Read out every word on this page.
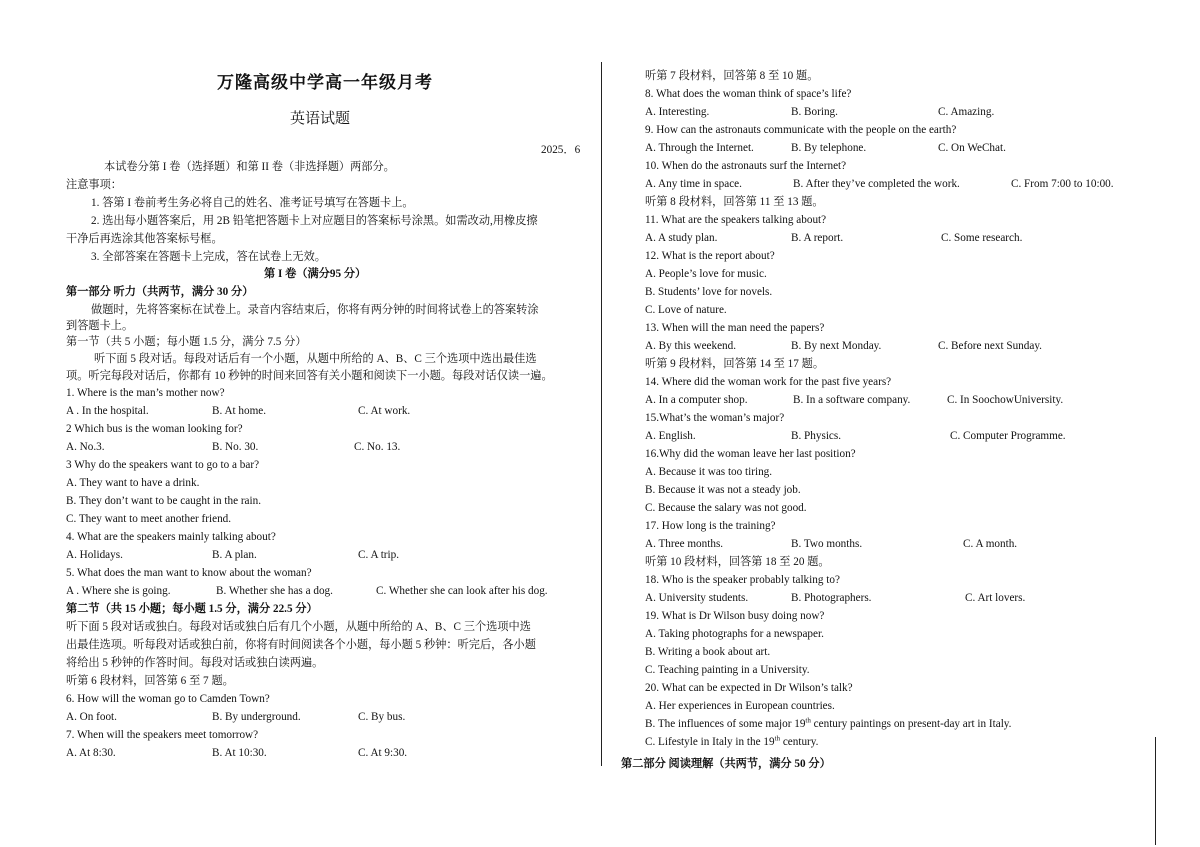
万隆高级中学高一年级月考
英语试题
2025．6
本试卷分第 I 卷（选择题）和第 II 卷（非选择题）两部分。
注意事项：
1. 答第 I 卷前考生务必将自己的姓名、准考证号填写在答题卡上。
2. 选出每小题答案后，用 2B 铅笔把答题卡上对应题目的答案标号涂黑。如需改动,用橡皮擦
干净后再选涂其他答案标号框。
3. 全部答案在答题卡上完成，答在试卷上无效。
第 I 卷（满分95 分）
第一部分 听力（共两节，满分 30 分）
做题时，先将答案标在试卷上。录音内容结束后，你将有两分钟的时间将试卷上的答案转涂
到答题卡上。
第一节（共 5 小题；每小题 1.5 分，满分 7.5 分）
听下面 5 段对话。每段对话后有一个小题，从题中所给的 A、B、C 三个选项中选出最佳选
项。听完每段对话后，你都有 10 秒钟的时间来回答有关小题和阅读下一小题。每段对话仅读一遍。
1. Where is the man’s mother now?
A . In the hospital.	B. At home.	C. At work.
2 Which bus is the woman looking for?
A. No.3.	B. No. 30.	C. No. 13.
3 Why do the speakers want to go to a bar?
A. They want to have a drink.
B. They don’t want to be caught in the rain.
C. They want to meet another friend.
4. What are the speakers mainly talking about?
A. Holidays.	B. A plan.	C. A trip.
5. What does the man want to know about the woman?
A . Where she is going.	B. Whether she has a dog.	C. Whether she can look after his dog.
第二节（共 15 小题；每小题 1.5 分，满分 22.5 分）
听下面 5 段对话或独白。每段对话或独白后有几个小题，从题中所给的 A、B、C 三个选项中选
出最佳选项。听每段对话或独白前，你将有时间阅读各个小题，每小题 5 秒钟：听完后，各小题
将给出 5 秒钟的作答时间。每段对话或独白读两遍。
听第 6 段材料，回答第 6 至 7 题。
6. How will the woman go to Camden Town?
A. On foot.	B. By underground.	C. By bus.
7. When will the speakers meet tomorrow?
A. At 8:30.	B. At 10:30.	C. At 9:30.
听第 7 段材料，回答第 8 至 10 题。
8. What does the woman think of space’s life?
A. Interesting.	B. Boring.	C. Amazing.
9. How can the astronauts communicate with the people on the earth?
A. Through the Internet.	B. By telephone.	C. On WeChat.
10. When do the astronauts surf the Internet?
A. Any time in space.	B. After they’ve completed the work.	C. From 7:00 to 10:00.
听第 8 段材料，回答第 11 至 13 题。
11. What are the speakers talking about?
A. A study plan.	B. A report.	C. Some research.
12. What is the report about?
A. People’s love for music.
B. Students’ love for novels.
C. Love of nature.
13. When will the man need the papers?
A. By this weekend.	B. By next Monday.	C. Before next Sunday.
听第 9 段材料，回答第 14 至 17 题。
14. Where did the woman work for the past five years?
A. In a computer shop.	B. In a software company.	C. In SoochowUniversity.
15.What’s the woman’s major?
A. English.	B. Physics.	C. Computer Programme.
16.Why did the woman leave her last position?
A. Because it was too tiring.
B. Because it was not a steady job.
C. Because the salary was not good.
17. How long is the training?
A. Three months.	B. Two months.	C. A month.
听第 10 段材料，回答第 18 至 20 题。
18. Who is the speaker probably talking to?
A. University students.	B. Photographers.	C. Art lovers.
19. What is Dr Wilson busy doing now?
A. Taking photographs for a newspaper.
B. Writing a book about art.
C. Teaching painting in a University.
20. What can be expected in Dr Wilson’s talk?
A. Her experiences in European countries.
B. The influences of some major 19th century paintings on present-day art in Italy.
C. Lifestyle in Italy in the 19th century.
第二部分 阅读理解（共两节，满分 50 分）
